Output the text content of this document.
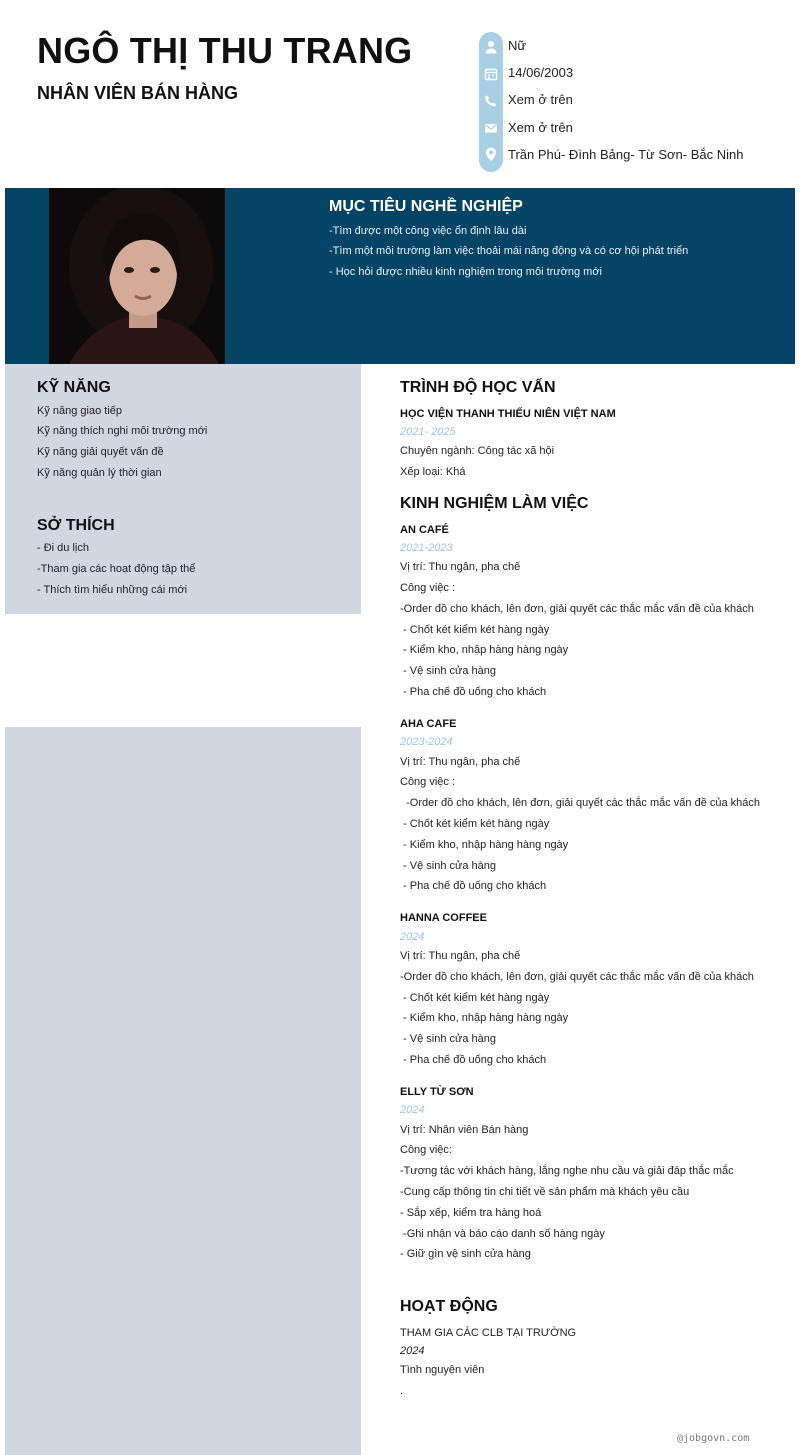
NGÔ THỊ THU TRANG
NHÂN VIÊN BÁN HÀNG
Nữ
14/06/2003
Xem ở trên
Xem ở trên
Trần Phú- Đình Bảng- Từ Sơn- Bắc Ninh
MỤC TIÊU NGHỀ NGHIỆP
-Tìm được một công việc ổn định lâu dài
-Tìm một môi trường làm việc thoải mái năng động và có cơ hội phát triển
- Học hỏi được nhiều kinh nghiệm trong môi trường mới
KỸ NĂNG
Kỹ năng giao tiếp
Kỹ năng thích nghi môi trường mới
Kỹ năng giải quyết vấn đề
Kỹ năng quản lý thời gian
SỞ THÍCH
- Đi du lịch
-Tham gia các hoạt động tập thể
- Thích tìm hiểu những cái mới
TRÌNH ĐỘ HỌC VẤN
HỌC VIỆN THANH THIẾU NIÊN VIỆT NAM
2021- 2025
Chuyên ngành: Công tác xã hội
Xếp loại: Khá
KINH NGHIỆM LÀM VIỆC
AN CAFÉ
2021-2023
Vị trí: Thu ngân, pha chế
Công việc :
-Order đồ cho khách, lên đơn, giải quyết các thắc mắc vấn đề của khách
- Chốt két kiểm két hàng ngày
- Kiểm kho, nhập hàng hàng ngày
- Vệ sinh cửa hàng
- Pha chế đồ uống cho khách
AHA CAFE
2023-2024
Vị trí: Thu ngân, pha chế
Công việc :
-Order đồ cho khách, lên đơn, giải quyết các thắc mắc vấn đề của khách
- Chốt két kiểm két hàng ngày
- Kiểm kho, nhập hàng hàng ngày
- Vệ sinh cửa hàng
- Pha chế đồ uống cho khách
HANNA COFFEE
2024
Vị trí: Thu ngân, pha chế
-Order đồ cho khách, lên đơn, giải quyết các thắc mắc vấn đề của khách
- Chốt két kiểm két hàng ngày
- Kiểm kho, nhập hàng hàng ngày
- Vệ sinh cửa hàng
- Pha chế đồ uống cho khách
ELLY TỪ SƠN
2024
Vị trí: Nhân viên Bán hàng
Công việc:
-Tương tác với khách hàng, lắng nghe nhu cầu và giải đáp thắc mắc
-Cung cấp thông tin chi tiết về sản phẩm mà khách yêu cầu
- Sắp xếp, kiểm tra hàng hoá
-Ghi nhận và báo cáo danh số hàng ngày
- Giữ gìn vệ sinh cửa hàng
HOẠT ĐỘNG
THAM GIA CÁC CLB TẠI TRƯỜNG
2024
Tình nguyện viên
.
@jobgovn.com
